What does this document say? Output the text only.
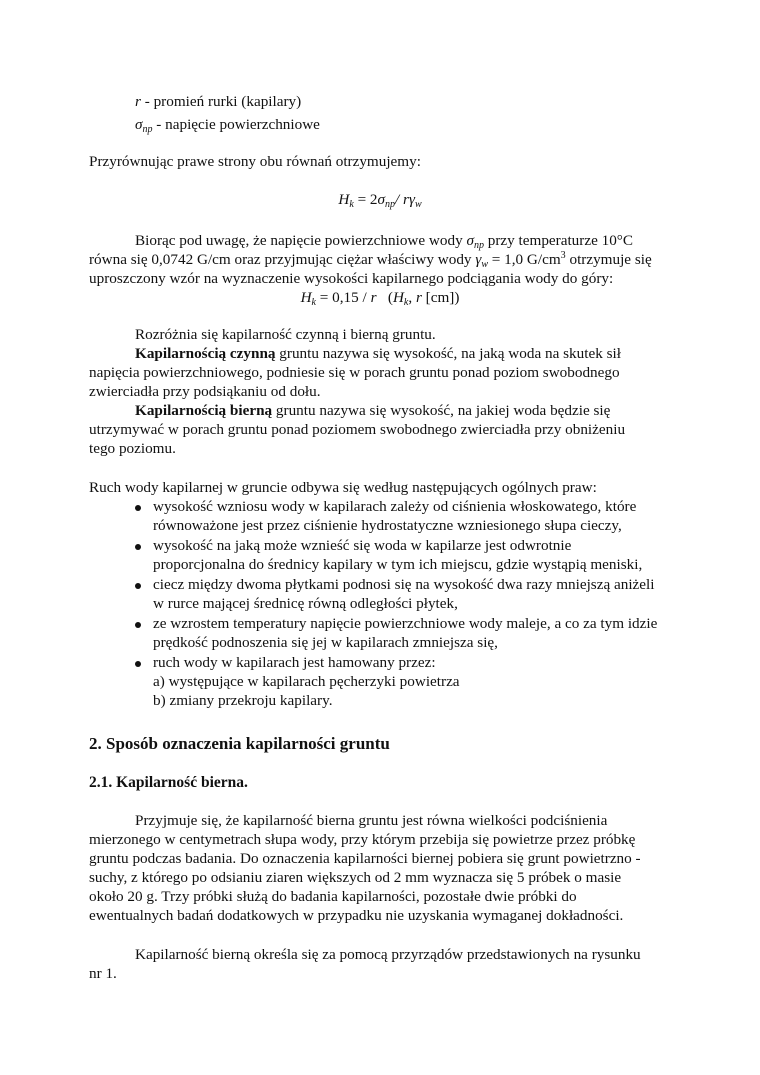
r - promień rurki (kapilary)
$\sigma_{np}$ - napięcie powierzchniowe
Przyrównując prawe strony obu równań otrzymujemy:
$H_k = 2\sigma_{np}/$ $r\gamma_w$
Biorąc pod uwagę, że napięcie powierzchniowe wody $\sigma_{np}$ przy temperaturze 10°C
równa się 0,0742 G/cm oraz przyjmując ciężar właściwy wody $\gamma_w = 1,0$ $G/cm^3$ otrzymuje się
uproszczony wzór na wyznaczenie wysokości kapilarnego podciągania wody do góry:
$H_k = 0,15 / r$   ($H_k$, r [cm])
Rozróżnia się kapilarność czynną i bierną gruntu.
Kapilarnością czynną gruntu nazywa się wysokość, na jaką woda na skutek sił
napięcia powierzchniowego, podniesie się w porach gruntu ponad poziom swobodnego
zwierciadła przy podsiąkaniu od dołu.
Kapilarnością bierną gruntu nazywa się wysokość, na jakiej woda będzie się
utrzymywać w porach gruntu ponad poziomem swobodnego zwierciadła przy obniżeniu
tego poziomu.
Ruch wody kapilarnej w gruncie odbywa się według następujących ogólnych praw:
wysokość wzniosu wody w kapilarach zależy od ciśnienia włoskowatego, które
równoważone jest przez ciśnienie hydrostatyczne wzniesionego słupa cieczy,
wysokość na jaką może wznieść się woda w kapilarze jest odwrotnie
proporcjonalna do średnicy kapilary w tym ich miejscu, gdzie wystąpią meniski,
ciecz między dwoma płytkami podnosi się na wysokość dwa razy mniejszą aniżeli
w rurce mającej średnicę równą odległości płytek,
ze wzrostem temperatury napięcie powierzchniowe wody maleje, a co za tym idzie
prędkość podnoszenia się jej w kapilarach zmniejsza się,
ruch wody w kapilarach jest hamowany przez:
a) występujące w kapilarach pęcherzyki powietrza
b) zmiany przekroju kapilary.
2. Sposób oznaczenia kapilarności gruntu
2.1. Kapilarność bierna.
Przyjmuje się, że kapilarność bierna gruntu jest równa wielkości podciśnienia
mierzonego w centymetrach słupa wody, przy którym przebija się powietrze przez próbkę
gruntu podczas badania. Do oznaczenia kapilarności biernej pobiera się grunt powietrzno -
suchy, z którego po odsianiu ziaren większych od 2 mm wyznacza się 5 próbek o masie
około 20 g. Trzy próbki służą do badania kapilarności, pozostałe dwie próbki do
ewentualnych badań dodatkowych w przypadku nie uzyskania wymaganej dokładności.
Kapilarność bierną określa się za pomocą przyrządów przedstawionych na rysunku
nr 1.
